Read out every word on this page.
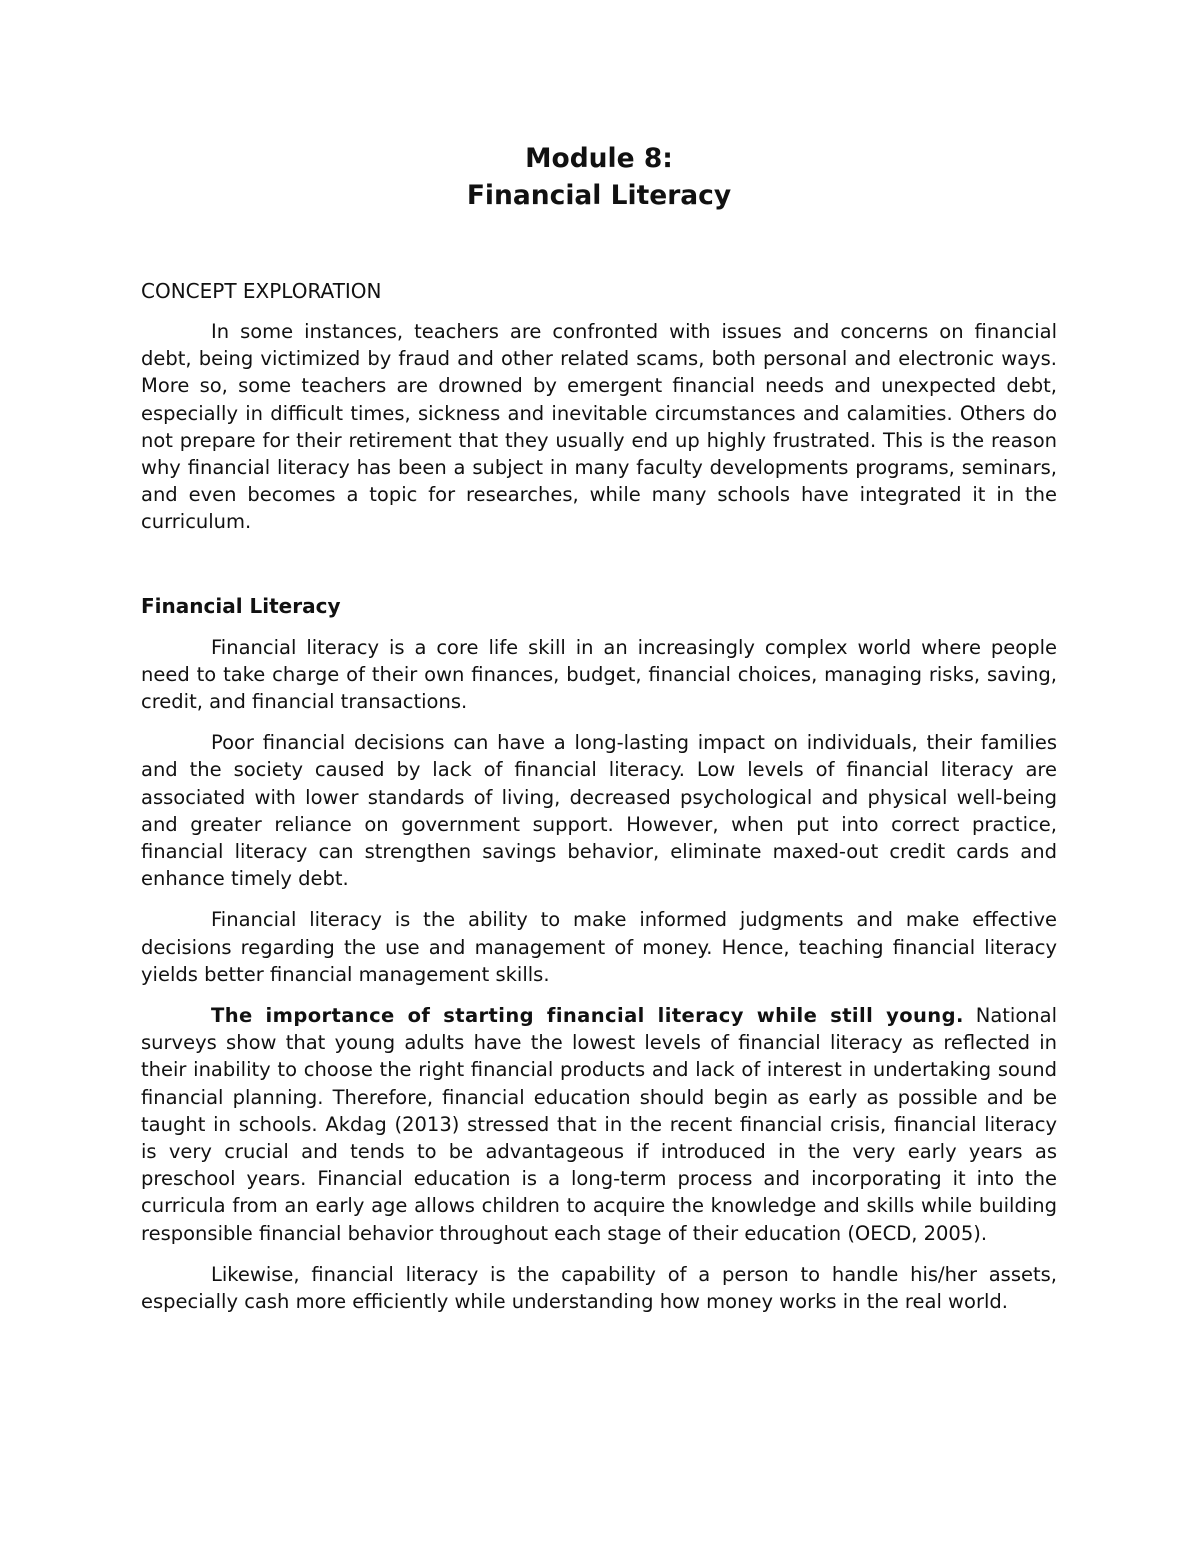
Module 8:
Financial Literacy
CONCEPT EXPLORATION

In some instances, teachers are confronted with issues and concerns on financial debt, being victimized by fraud and other related scams, both personal and electronic ways. More so, some teachers are drowned by emergent financial needs and unexpected debt, especially in difficult times, sickness and inevitable circumstances and calamities. Others do not prepare for their retirement that they usually end up highly frustrated. This is the reason why financial literacy has been a subject in many faculty developments programs, seminars, and even becomes a topic for researches, while many schools have integrated it in the curriculum.

Financial Literacy

Financial literacy is a core life skill in an increasingly complex world where people need to take charge of their own finances, budget, financial choices, managing risks, saving, credit, and financial transactions.

Poor financial decisions can have a long-lasting impact on individuals, their families and the society caused by lack of financial literacy. Low levels of financial literacy are associated with lower standards of living, decreased psychological and physical well-being and greater reliance on government support. However, when put into correct practice, financial literacy can strengthen savings behavior, eliminate maxed-out credit cards and enhance timely debt.

Financial literacy is the ability to make informed judgments and make effective decisions regarding the use and management of money. Hence, teaching financial literacy yields better financial management skills.

The importance of starting financial literacy while still young. National surveys show that young adults have the lowest levels of financial literacy as reflected in their inability to choose the right financial products and lack of interest in undertaking sound financial planning. Therefore, financial education should begin as early as possible and be taught in schools. Akdag (2013) stressed that in the recent financial crisis, financial literacy is very crucial and tends to be advantageous if introduced in the very early years as preschool years. Financial education is a long-term process and incorporating it into the curricula from an early age allows children to acquire the knowledge and skills while building responsible financial behavior throughout each stage of their education (OECD, 2005).

Likewise, financial literacy is the capability of a person to handle his/her assets, especially cash more efficiently while understanding how money works in the real world.
